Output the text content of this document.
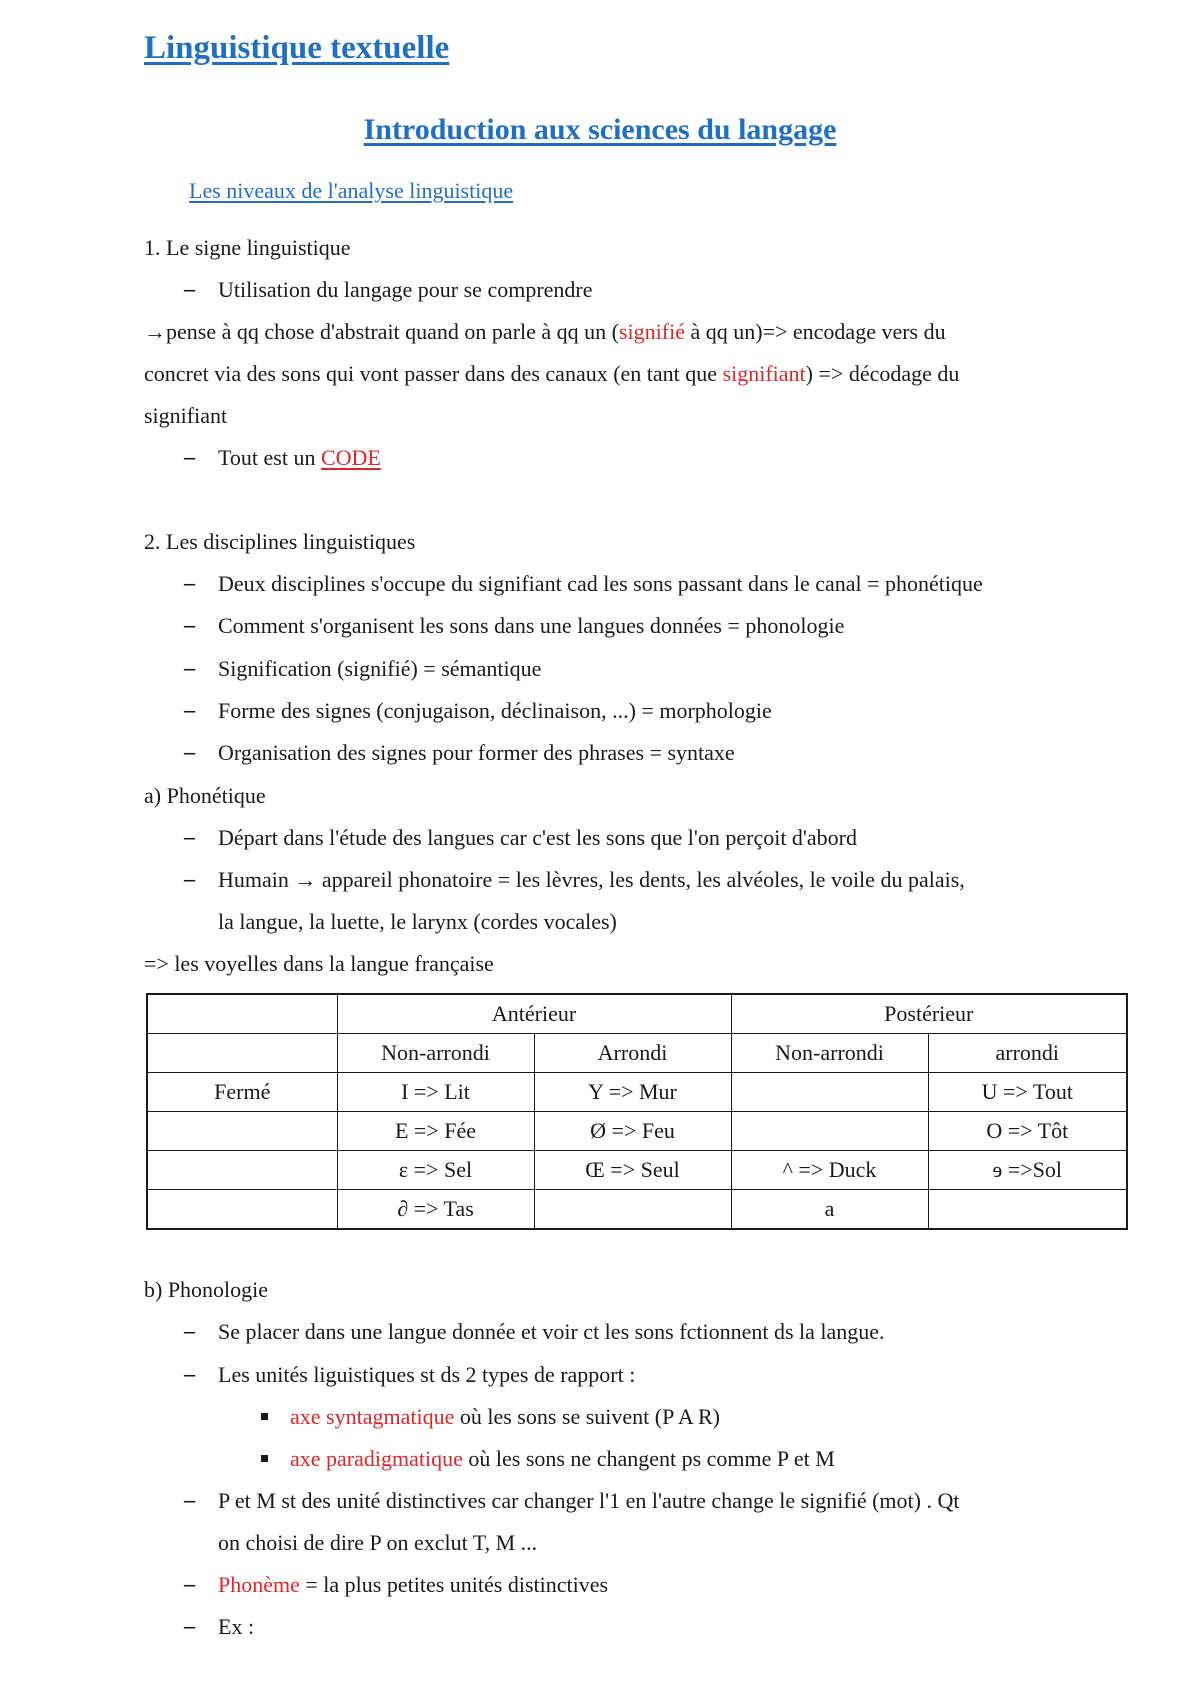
Linguistique textuelle
Introduction aux sciences du langage
Les niveaux de l'analyse linguistique
1. Le signe linguistique
–	Utilisation du langage pour se comprendre
→pense à qq chose d'abstrait quand on parle à qq un (signifié à qq un)=> encodage vers du
concret via des sons qui vont passer dans des canaux (en tant que signifiant) => décodage du
signifiant
–	Tout est un CODE
2. Les disciplines linguistiques
–	Deux disciplines s'occupe du signifiant cad les sons passant dans le canal = phonétique
–	Comment s'organisent les sons dans une langues données = phonologie
–	Signification (signifié) = sémantique
–	Forme des signes (conjugaison, déclinaison, ...) = morphologie
–	Organisation des signes pour former des phrases = syntaxe
a) Phonétique
–	Départ dans l'étude des langues car c'est les sons que l'on perçoit d'abord
–	Humain → appareil phonatoire = les lèvres, les dents, les alvéoles, le voile du palais,
la langue, la luette, le larynx (cordes vocales)
=> les voyelles dans la langue française
	Antérieur		Postérieur	
	Non-arrondi	Arrondi	Non-arrondi	arrondi
Fermé	I => Lit	Y => Mur		U => Tout
	E => Fée	Ø => Feu		O => Tôt
	ε => Sel	Œ => Seul	^ => Duck	ɘ =>Sol
	∂ => Tas		a	
b) Phonologie
–	Se placer dans une langue donnée et voir ct les sons fctionnent ds la langue.
–	Les unités liguistiques st ds 2 types de rapport :
axe syntagmatique où les sons se suivent (P A R)
axe paradigmatique où les sons ne changent ps comme P et M
–	P et M st des unité distinctives car changer l'1 en l'autre change le signifié (mot) . Qt
on choisi de dire P on exclut T, M ...
–	Phonème = la plus petites unités distinctives
–	Ex :
